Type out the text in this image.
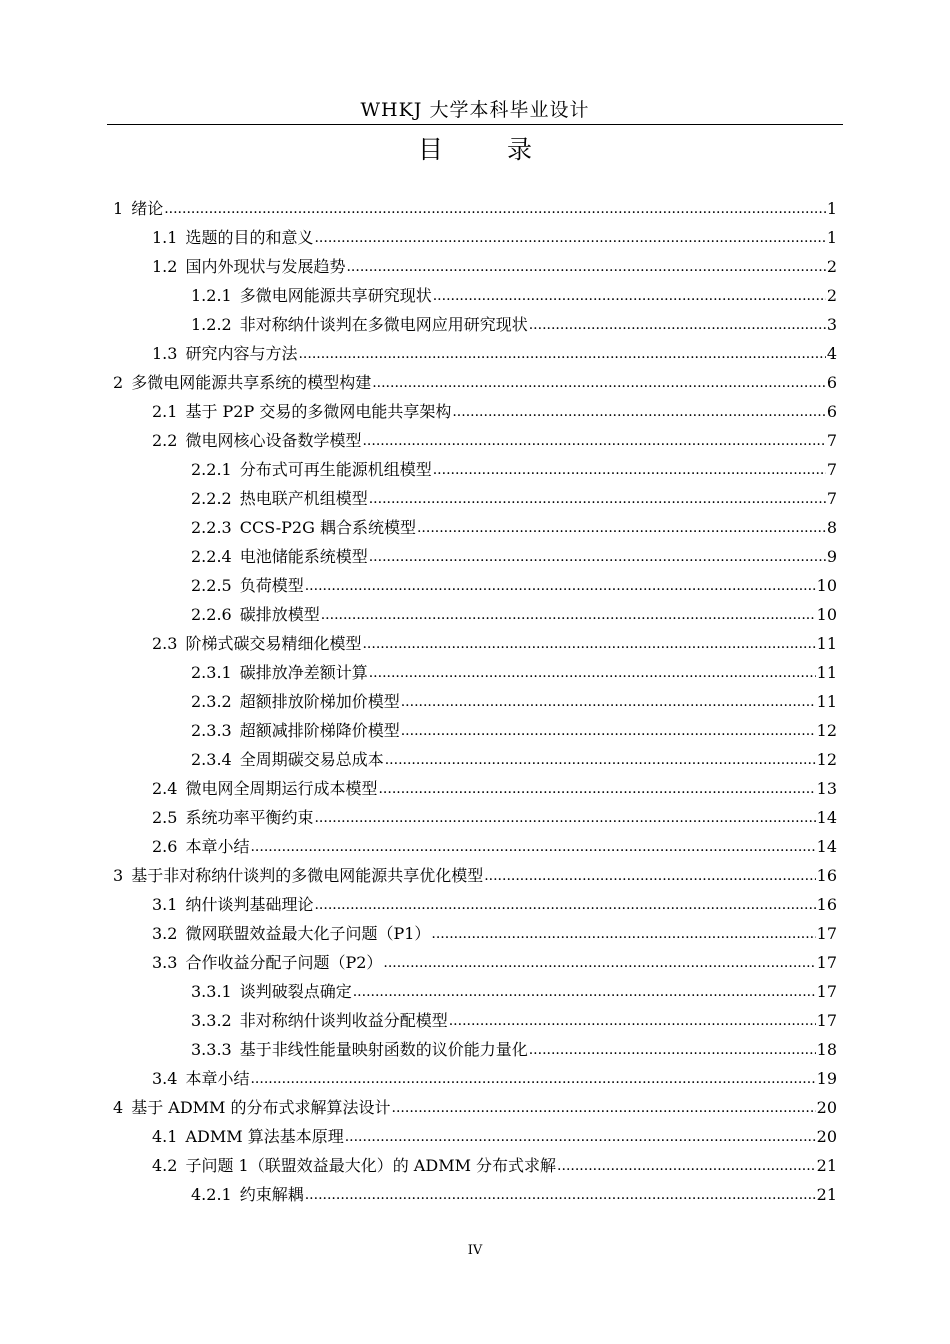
WHKJ 大学本科毕业设计
目 录
1 绪论 .....	1
1.1 选题的目的和意义 .....	1
1.2 国内外现状与发展趋势 .....	2
1.2.1 多微电网能源共享研究现状 .....	2
1.2.2 非对称纳什谈判在多微电网应用研究现状 .....	3
1.3 研究内容与方法 .....	4
2 多微电网能源共享系统的模型构建 .....	6
2.1 基于 P2P 交易的多微网电能共享架构 .....	6
2.2 微电网核心设备数学模型 .....	7
2.2.1 分布式可再生能源机组模型 .....	7
2.2.2 热电联产机组模型 .....	7
2.2.3 CCS-P2G 耦合系统模型 .....	8
2.2.4 电池储能系统模型 .....	9
2.2.5 负荷模型 .....	10
2.2.6 碳排放模型 .....	10
2.3 阶梯式碳交易精细化模型 .....	11
2.3.1 碳排放净差额计算 .....	11
2.3.2 超额排放阶梯加价模型 .....	11
2.3.3 超额减排阶梯降价模型 .....	12
2.3.4 全周期碳交易总成本 .....	12
2.4 微电网全周期运行成本模型 .....	13
2.5 系统功率平衡约束 .....	14
2.6 本章小结 .....	14
3 基于非对称纳什谈判的多微电网能源共享优化模型 .....	16
3.1 纳什谈判基础理论 .....	16
3.2 微网联盟效益最大化子问题（P1） .....	17
3.3 合作收益分配子问题（P2） .....	17
3.3.1 谈判破裂点确定 .....	17
3.3.2 非对称纳什谈判收益分配模型 .....	17
3.3.3 基于非线性能量映射函数的议价能力量化 .....	18
3.4 本章小结 .....	19
4 基于 ADMM 的分布式求解算法设计 .....	20
4.1 ADMM 算法基本原理 .....	20
4.2 子问题 1（联盟效益最大化）的 ADMM 分布式求解 .....	21
4.2.1 约束解耦 .....	21
IV
